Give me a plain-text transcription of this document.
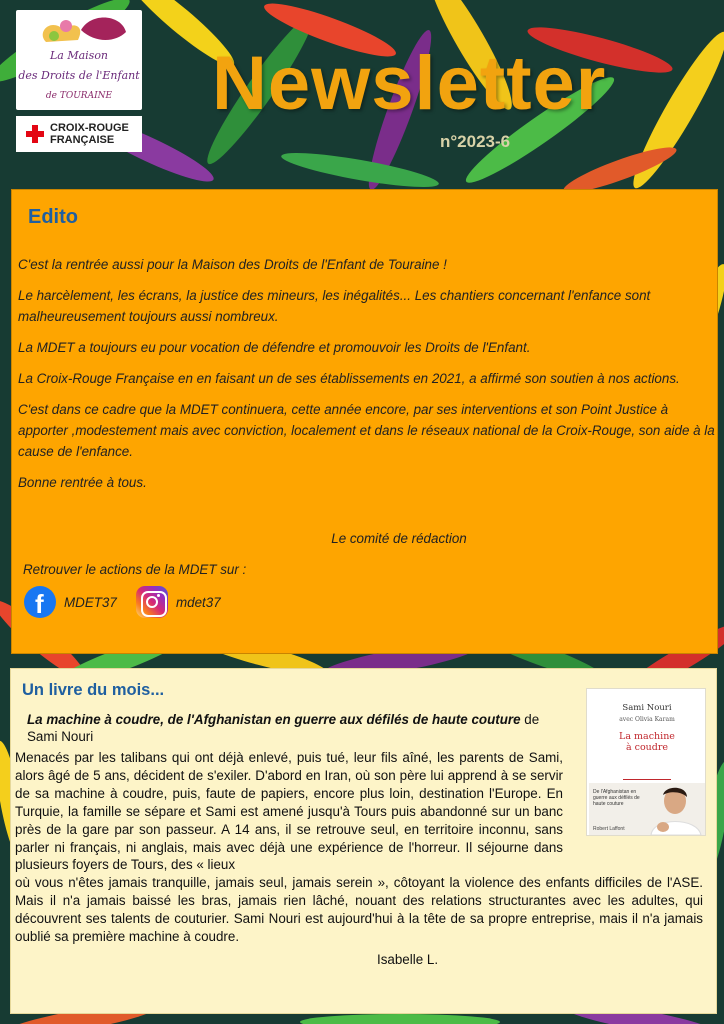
La Maison
des Droits de l'Enfant
de TOURAINE
CROIX-ROUGE
FRANÇAISE
Newsletter
n°2023-6
Edito

C'est la rentrée aussi pour la Maison des Droits de l'Enfant de Touraine !

Le harcèlement, les écrans, la justice des mineurs, les inégalités... Les chantiers concernant l'enfance sont malheureusement toujours aussi nombreux.

La MDET a toujours eu pour vocation de défendre et promouvoir les Droits de l'Enfant.

La Croix-Rouge Française en en faisant un de ses établissements en 2021, a affirmé son soutien à nos actions.

C'est dans ce cadre que la MDET continuera, cette année encore, par ses interventions et son Point Justice à apporter ,modestement mais avec conviction, localement et dans le réseaux national de la Croix-Rouge, son aide à la cause de l'enfance.

Bonne rentrée à tous.

Le comité de rédaction
Retrouver le actions de la MDET sur :
f MDET37	mdet37
Un livre du mois...
La machine à coudre, de l'Afghanistan en guerre aux défilés de haute couture de Sami Nouri
Menacés par les talibans qui ont déjà enlevé, puis tué, leur fils aîné, les parents de Sami, alors âgé de 5 ans, décident de s'exiler. D'abord en Iran, où son père lui apprend à se servir de sa machine à coudre, puis, faute de papiers, encore plus loin, destination l'Europe. En Turquie, la famille se sépare et Sami est amené jusqu'à Tours puis abandonné sur un banc près de la gare par son passeur. A 14 ans, il se retrouve seul, en territoire inconnu, sans parler ni français, ni anglais, mais avec déjà une expérience de l'horreur. Il séjourne dans plusieurs foyers de Tours, des « lieux
où vous n'êtes jamais tranquille, jamais seul, jamais serein », côtoyant la violence des enfants difficiles de l'ASE. Mais il n'a jamais baissé les bras, jamais rien lâché, nouant des relations structurantes avec les adultes, qui découvrent ses talents de couturier. Sami Nouri est aujourd'hui à la tête de sa propre entreprise, mais il n'a jamais oublié sa première machine à coudre.
Isabelle L.
Sami Nouri
avec Olivia Karam
La machine
à coudre
De l'Afghanistan en guerre aux défilés de haute couture
Robert Laffont
